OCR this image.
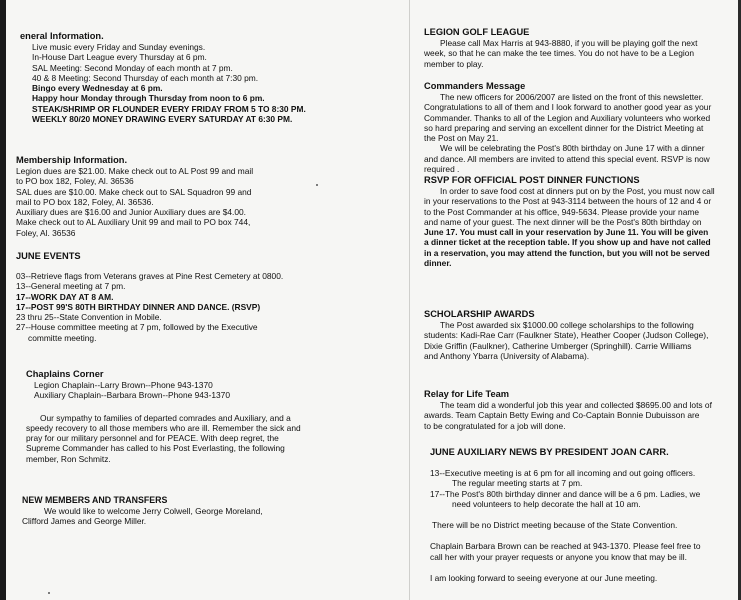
eneral Information.
Live music every Friday and Sunday evenings.
In-House Dart League every Thursday at 6 pm.
SAL Meeting: Second Monday of each month at 7 pm.
40 & 8 Meeting: Second Thursday of each month at 7:30 pm.
Bingo every Wednesday at 6 pm.
Happy hour Monday through Thursday from noon to 6 pm.
STEAK/SHRIMP OR FLOUNDER EVERY FRIDAY FROM 5 TO 8:30 PM.
WEEKLY 80/20 MONEY DRAWING EVERY SATURDAY AT 6:30 PM.
Membership Information.
Legion dues are $21.00. Make check out to AL Post 99 and mail
to PO box 182, Foley, Al. 36536
SAL dues are $10.00. Make check out to SAL Squadron 99 and
mail to PO box 182, Foley, Al. 36536.
Auxiliary dues are $16.00 and Junior Auxiliary dues are $4.00.
Make check out to AL Auxiliary Unit 99 and mail to PO box 744,
Foley, Al. 36536
JUNE EVENTS
03--Retrieve flags from Veterans graves at Pine Rest Cemetery at 0800.
13--General meeting at 7 pm.
17--WORK DAY AT 8 AM.
17--POST 99'S 80TH BIRTHDAY DINNER AND DANCE. (RSVP)
23 thru 25--State Convention in Mobile.
27--House committee meeting at 7 pm, followed by the Executive
committe meeting.
Chaplains Corner
Legion Chaplain--Larry Brown--Phone 943-1370
Auxiliary Chaplain--Barbara Brown--Phone 943-1370
Our sympathy to families of departed comrades and Auxiliary, and a
speedy recovery to all those members who are ill. Remember the sick and
pray for our military personnel and for PEACE. With deep regret, the
Supreme Commander has called to his Post Everlasting, the following
member, Ron Schmitz.
NEW MEMBERS AND TRANSFERS
We would like to welcome Jerry Colwell, George Moreland,
Clifford James and George Miller.
LEGION GOLF LEAGUE
Please call Max Harris at 943-8880, if you will be playing golf the next
week, so that he can make the tee times. You do not have to be a Legion
member to play.
Commanders Message
The new officers for 2006/2007 are listed on the front of this newsletter.
Congratulations to all of them and I look forward to another good year as your
Commander. Thanks to all of the Legion and Auxiliary volunteers who worked
so hard preparing and serving an excellent dinner for the District Meeting at
the Post on May 21.
We will be celebrating the Post's 80th birthday on June 17 with a dinner
and dance. All members are invited to attend this special event. RSVP is now
required .
RSVP FOR OFFICIAL POST DINNER FUNCTIONS
In order to save food cost at dinners put on by the Post, you must now call
in your reservations to the Post at 943-3114 between the hours of 12 and 4 or
to the Post Commander at his office, 949-5634. Please provide your name
and name of your guest. The next dinner will be the Post's 80th birthday on
June 17. You must call in your reservation by June 11. You will be given
a dinner ticket at the reception table. If you show up and have not called
in a reservation, you may attend the function, but you will not be served
dinner.
SCHOLARSHIP AWARDS
The Post awarded six $1000.00 college scholarships to the following
students: Kadi-Rae Carr (Faulkner State), Heather Cooper (Judson College),
Dixie Griffin (Faulkner), Catherine Umberger (Springhill). Carrie Williams
and Anthony Ybarra (University of Alabama).
Relay for Life Team
The team did a wonderful job this year and collected $8695.00 and lots of
awards. Team Captain Betty Ewing and Co-Captain Bonnie Dubuisson are
to be congratulated for a job will done.
JUNE AUXILIARY NEWS BY PRESIDENT JOAN CARR.
13--Executive meeting is at 6 pm for all incoming and out going officers.
The regular meeting starts at 7 pm.
17--The Post's 80th birthday dinner and dance will be a 6 pm. Ladies, we
need volunteers to help decorate the hall at 10 am.
There will be no District meeting because of the State Convention.
Chaplain Barbara Brown can be reached at 943-1370. Please feel free to
call her with your prayer requests or anyone you know that may be ill.
I am looking forward to seeing everyone at our June meeting.
